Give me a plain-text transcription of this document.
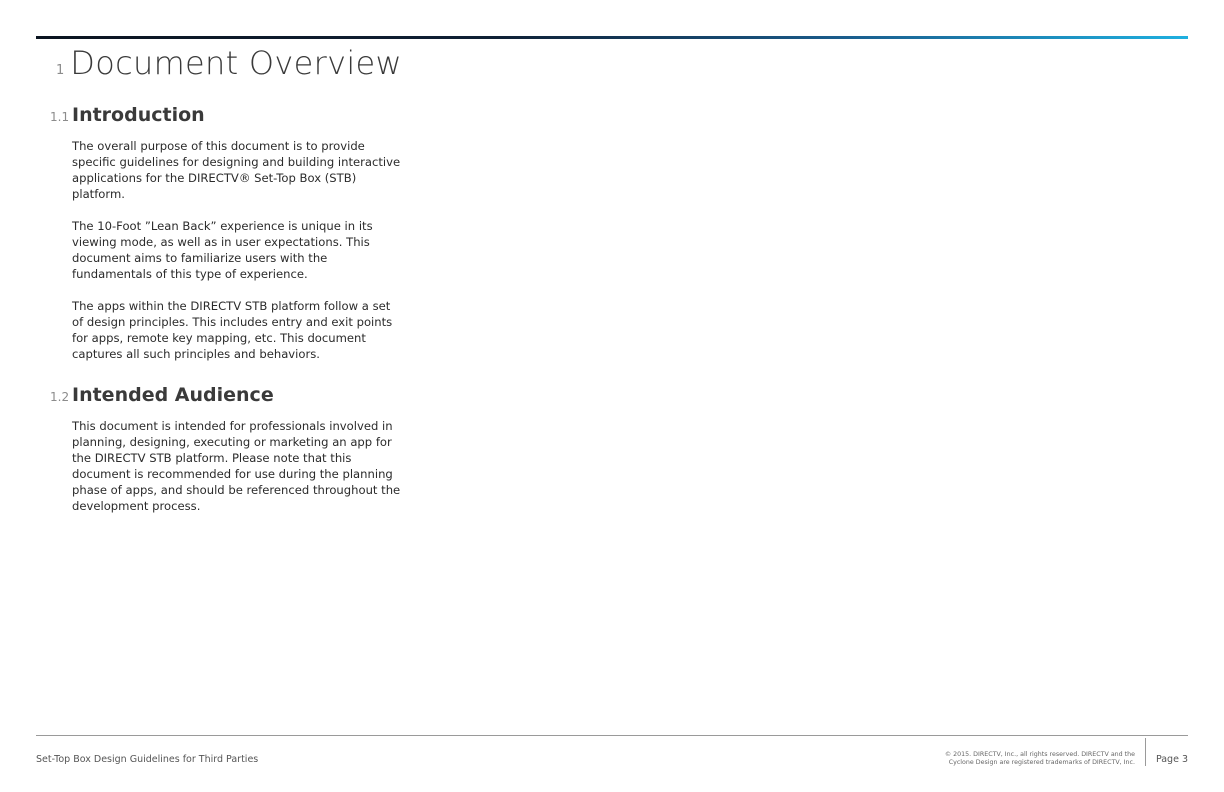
1 Document Overview
1.1 Introduction

The overall purpose of this document is to provide specific guidelines for designing and building interactive applications for the DIRECTV® Set-Top Box (STB) platform.

The 10-Foot ”Lean Back” experience is unique in its viewing mode, as well as in user expectations. This document aims to familiarize users with the fundamentals of this type of experience.

The apps within the DIRECTV STB platform follow a set of design principles. This includes entry and exit points for apps, remote key mapping, etc. This document captures all such principles and behaviors.

1.2 Intended Audience

This document is intended for professionals involved in planning, designing, executing or marketing an app for the DIRECTV STB platform. Please note that this document is recommended for use during the planning phase of apps, and should be referenced throughout the development process.

Set-Top Box Design Guidelines for Third Parties	© 2015. DIRECTV, Inc., all rights reserved. DIRECTV and the
Cyclone Design are registered trademarks of DIRECTV, Inc. Page 3
